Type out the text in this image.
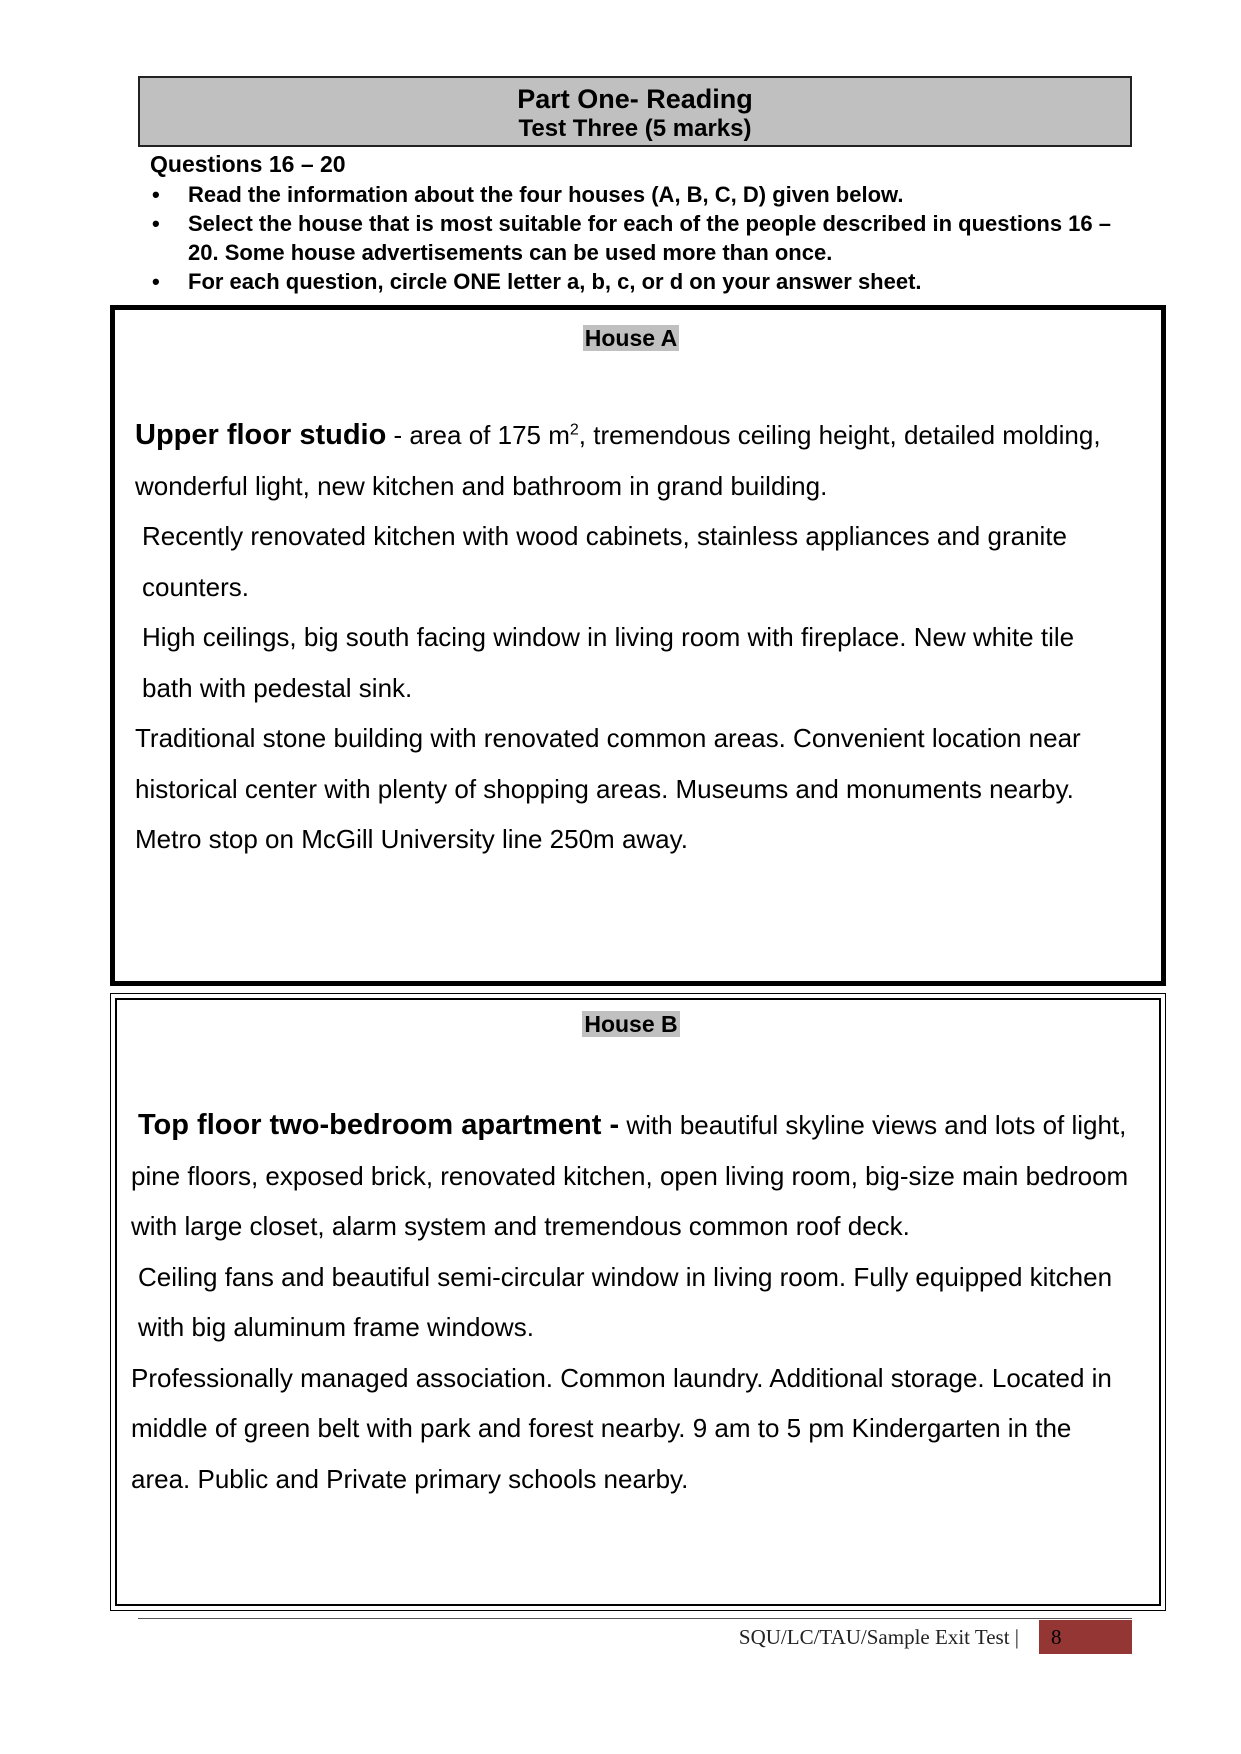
Part One- Reading
Test Three (5 marks)
Questions 16 – 20
• Read the information about the four houses (A, B, C, D) given below.
• Select the house that is most suitable for each of the people described in questions 16 – 20. Some house advertisements can be used more than once.
• For each question, circle ONE letter a, b, c, or d on your answer sheet.
House A

Upper floor studio - area of 175 $m^2$, tremendous ceiling height, detailed molding, wonderful light, new kitchen and bathroom in grand building.

Recently renovated kitchen with wood cabinets, stainless appliances and granite counters.

High ceilings, big south facing window in living room with fireplace. New white tile bath with pedestal sink.

Traditional stone building with renovated common areas. Convenient location near historical center with plenty of shopping areas. Museums and monuments nearby. Metro stop on McGill University line 250m away.

House B

Top floor two-bedroom apartment - with beautiful skyline views and lots of light, pine floors, exposed brick, renovated kitchen, open living room, big-size main bedroom with large closet, alarm system and tremendous common roof deck.

Ceiling fans and beautiful semi-circular window in living room. Fully equipped kitchen with big aluminum frame windows.

Professionally managed association. Common laundry. Additional storage. Located in middle of green belt with park and forest nearby. 9 am to 5 pm Kindergarten in the area. Public and Private primary schools nearby.

SQU/LC/TAU/Sample Exit Test |	8
